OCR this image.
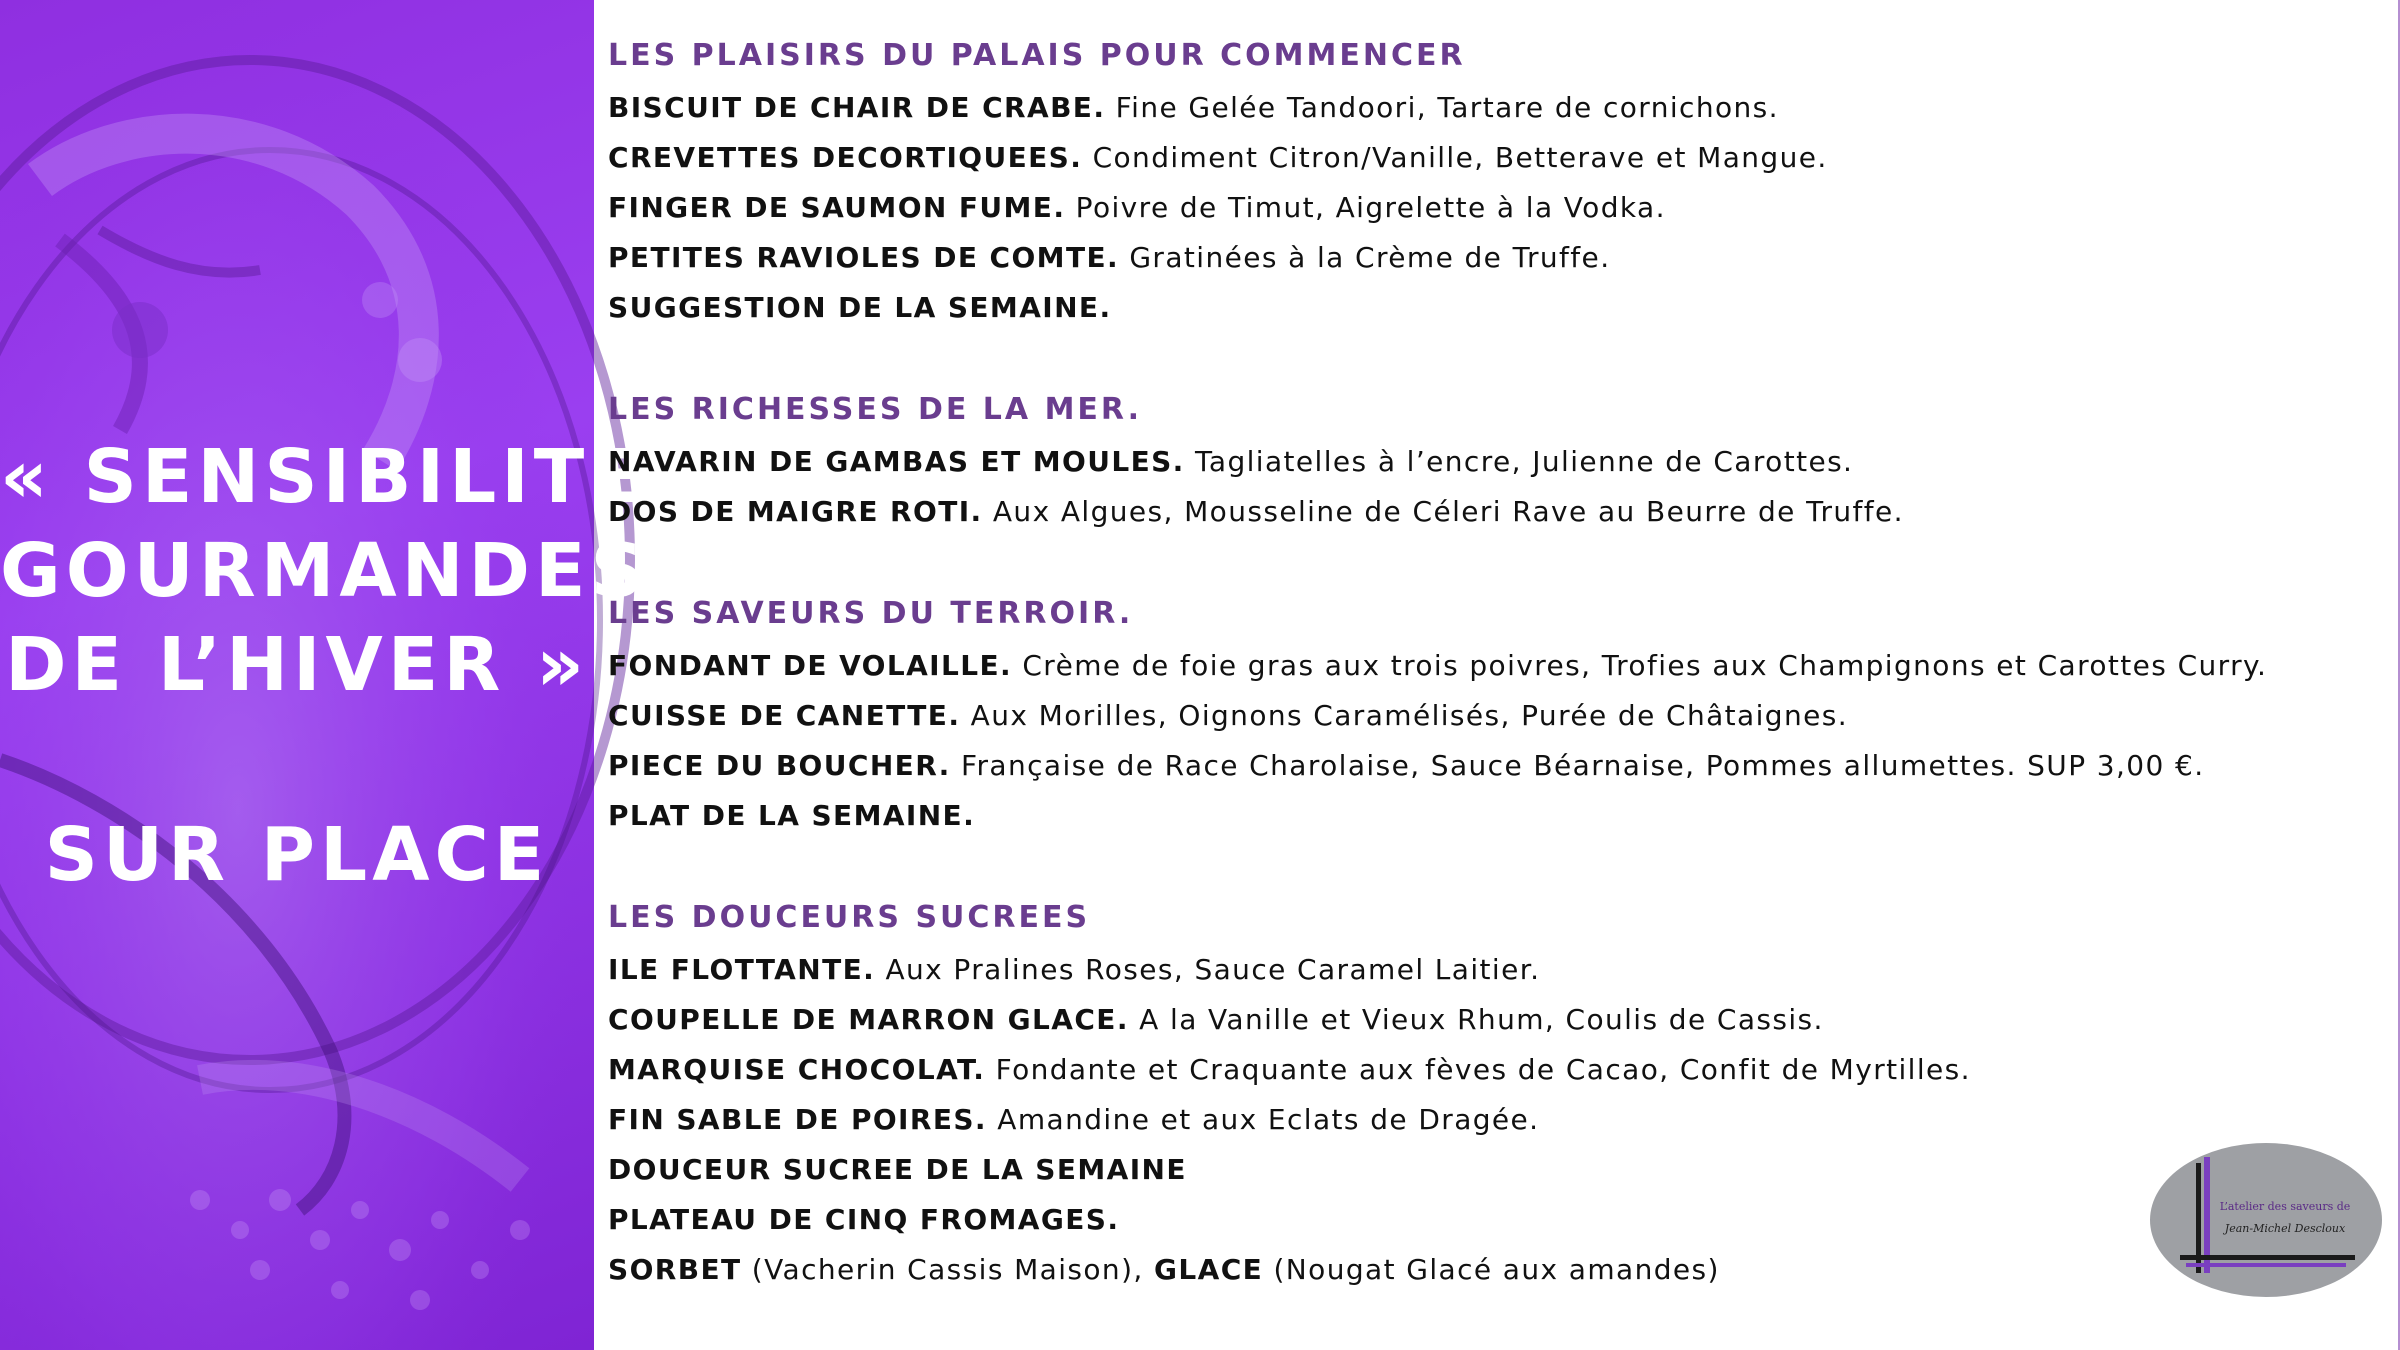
« SENSIBILITES
GOURMANDES
DE L’HIVER »
SUR PLACE
LES PLAISIRS DU PALAIS POUR COMMENCER
BISCUIT DE CHAIR DE CRABE. Fine Gelée Tandoori, Tartare de cornichons.
CREVETTES DECORTIQUEES. Condiment Citron/Vanille, Betterave et Mangue.
FINGER DE SAUMON FUME. Poivre de Timut, Aigrelette à la Vodka.
PETITES RAVIOLES DE COMTE. Gratinées à la Crème de Truffe.
SUGGESTION DE LA SEMAINE.
LES RICHESSES DE LA MER.
NAVARIN DE GAMBAS ET MOULES. Tagliatelles à l’encre, Julienne de Carottes.
DOS DE MAIGRE ROTI. Aux Algues, Mousseline de Céleri Rave au Beurre de Truffe.
LES SAVEURS DU TERROIR.
FONDANT DE VOLAILLE. Crème de foie gras aux trois poivres, Trofies aux Champignons et Carottes Curry.
CUISSE DE CANETTE. Aux Morilles, Oignons Caramélisés, Purée de Châtaignes.
PIECE DU BOUCHER. Française de Race Charolaise, Sauce Béarnaise, Pommes allumettes. SUP 3,00 €.
PLAT DE LA SEMAINE.
LES DOUCEURS SUCREES
ILE FLOTTANTE. Aux Pralines Roses, Sauce Caramel Laitier.
COUPELLE DE MARRON GLACE. A la Vanille et Vieux Rhum, Coulis de Cassis.
MARQUISE CHOCOLAT. Fondante et Craquante aux fèves de Cacao, Confit de Myrtilles.
FIN SABLE DE POIRES. Amandine et aux Eclats de Dragée.
DOUCEUR SUCREE DE LA SEMAINE
PLATEAU DE CINQ FROMAGES.
SORBET (Vacherin Cassis Maison), GLACE (Nougat Glacé aux amandes)
L’atelier des saveurs de
Jean-Michel Descloux
